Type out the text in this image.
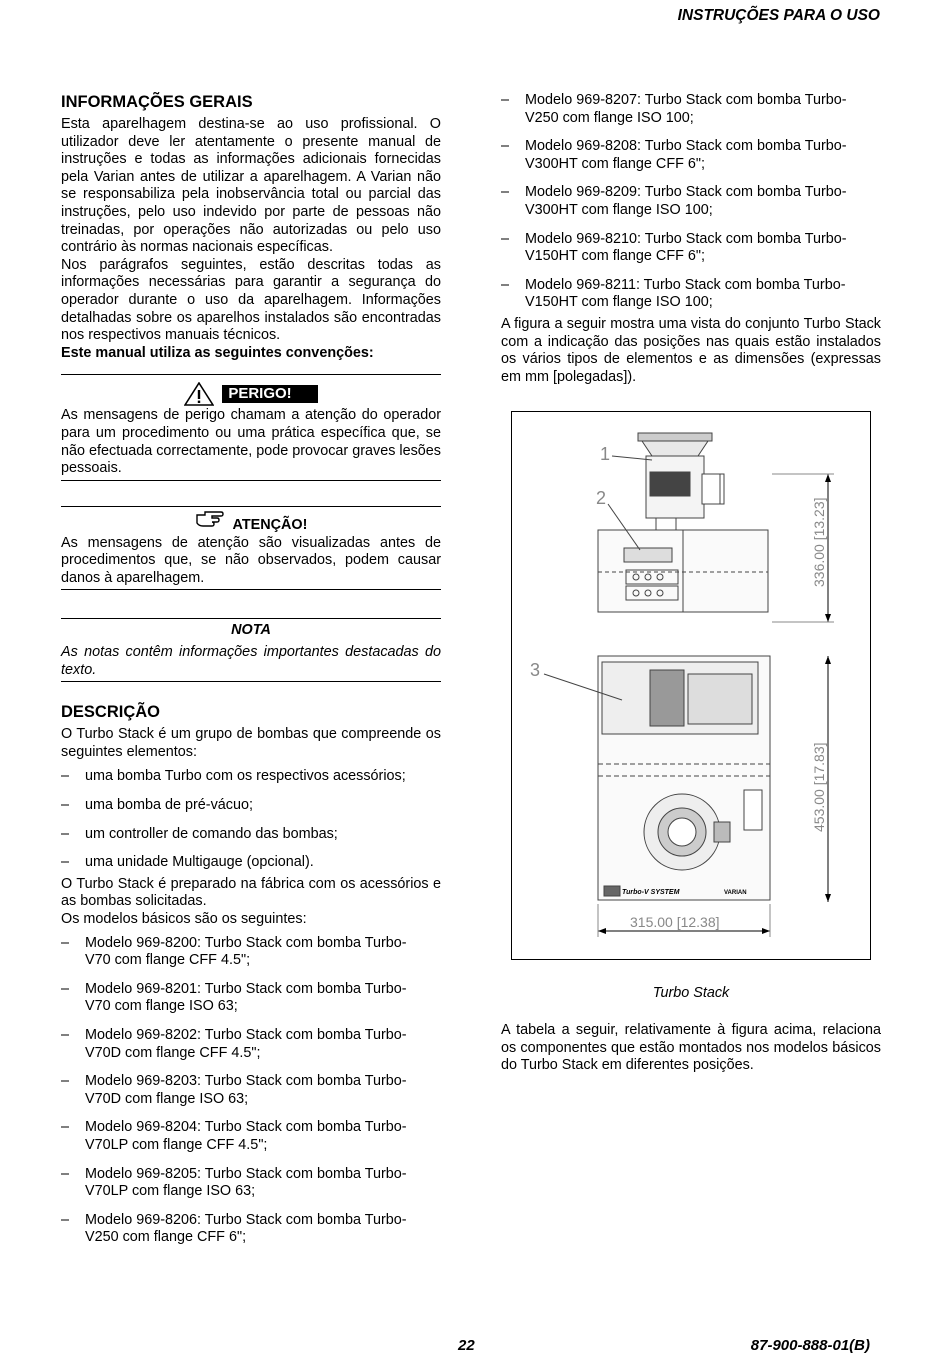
INSTRUÇÕES PARA O USO
INFORMAÇÕES GERAIS

Esta aparelhagem destina-se ao uso profissional. O utilizador deve ler atentamente o presente manual de instruções e todas as informações adicionais fornecidas pela Varian antes de utilizar a aparelhagem. A Varian não se responsabiliza pela inobservância total ou parcial das instruções, pelo uso indevido por parte de pessoas não treinadas, por operações não autorizadas ou pelo uso contrário às normas nacionais específicas.

Nos parágrafos seguintes, estão descritas todas as informações necessárias para garantir a segurança do operador durante o uso da aparelhagem. Informações detalhadas sobre os aparelhos instalados são encontradas nos respectivos manuais técnicos.

Este manual utiliza as seguintes convenções:

PERIGO!

As mensagens de perigo chamam a atenção do operador para um procedimento ou uma prática específica que, se não efectuada correctamente, pode provocar graves lesões pessoais.

ATENÇÃO!

As mensagens de atenção são visualizadas antes de procedimentos que, se não observados, podem causar danos à aparelhagem.

NOTA

As notas contêm informações importantes destacadas do texto.

DESCRIÇÃO

O Turbo Stack é um grupo de bombas que compreende os seguintes elementos:

– uma bomba Turbo com os respectivos acessórios;
– uma bomba de pré-vácuo;
– um controller de comando das bombas;
– uma unidade Multigauge (opcional).

O Turbo Stack é preparado na fábrica com os acessórios e as bombas solicitadas.

Os modelos básicos são os seguintes:

– Modelo 969-8200: Turbo Stack com bomba Turbo-V70 com flange CFF 4.5";
– Modelo 969-8201: Turbo Stack com bomba Turbo-V70 com flange ISO 63;
– Modelo 969-8202: Turbo Stack com bomba Turbo-V70D com flange CFF 4.5";
– Modelo 969-8203: Turbo Stack com bomba Turbo-V70D com flange ISO 63;
– Modelo 969-8204: Turbo Stack com bomba Turbo-V70LP com flange CFF 4.5";
– Modelo 969-8205: Turbo Stack com bomba Turbo-V70LP com flange ISO 63;
– Modelo 969-8206: Turbo Stack com bomba Turbo-V250 com flange CFF 6";
– Modelo 969-8207: Turbo Stack com bomba Turbo-V250 com flange ISO 100;
– Modelo 969-8208: Turbo Stack com bomba Turbo-V300HT com flange CFF 6";
– Modelo 969-8209: Turbo Stack com bomba Turbo-V300HT com flange ISO 100;
– Modelo 969-8210: Turbo Stack com bomba Turbo-V150HT com flange CFF 6";
– Modelo 969-8211: Turbo Stack com bomba Turbo-V150HT com flange ISO 100;

A figura a seguir mostra uma vista do conjunto Turbo Stack com a indicação das posições nas quais estão instalados os vários tipos de elementos e as dimensões (expressas em mm [polegadas]).

1
2
3
336.00 [13.23]
453.00 [17.83]
315.00 [12.38]
Turbo-V SYSTEM	VARIAN
Turbo Stack

A tabela a seguir, relativamente à figura acima, relaciona os componentes que estão montados nos modelos básicos do Turbo Stack em diferentes posições.

22	87-900-888-01(B)
